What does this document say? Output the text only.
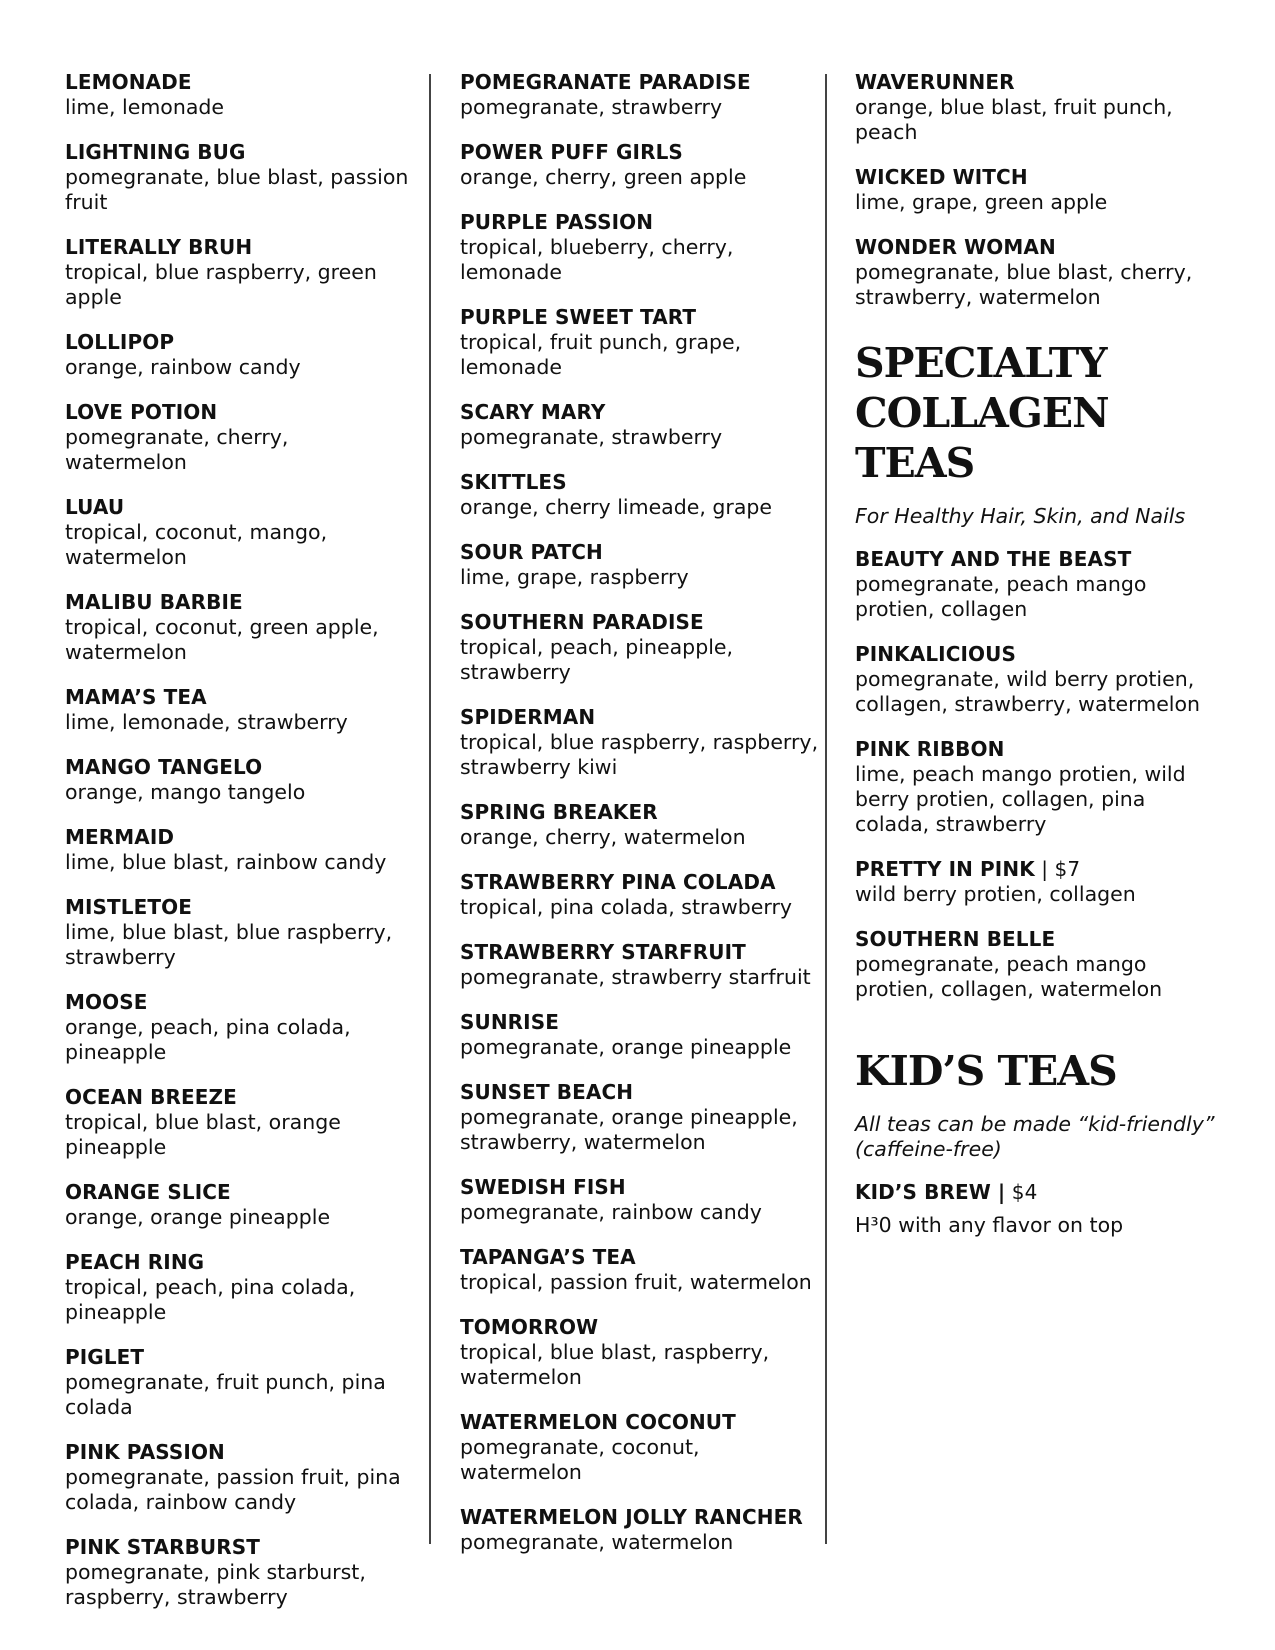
LEMONADE
lime, lemonade
LIGHTNING BUG
pomegranate, blue blast, passion fruit
LITERALLY BRUH
tropical, blue raspberry, green apple
LOLLIPOP
orange, rainbow candy
LOVE POTION
pomegranate, cherry, watermelon
LUAU
tropical, coconut, mango, watermelon
MALIBU BARBIE
tropical, coconut, green apple, watermelon
MAMA’S TEA
lime, lemonade, strawberry
MANGO TANGELO
orange, mango tangelo
MERMAID
lime, blue blast, rainbow candy
MISTLETOE
lime, blue blast, blue raspberry, strawberry
MOOSE
orange, peach, pina colada, pineapple
OCEAN BREEZE
tropical, blue blast, orange pineapple
ORANGE SLICE
orange, orange pineapple
PEACH RING
tropical, peach, pina colada, pineapple
PIGLET
pomegranate, fruit punch, pina colada
PINK PASSION
pomegranate, passion fruit, pina colada, rainbow candy
PINK STARBURST
pomegranate, pink starburst, raspberry, strawberry
POMEGRANATE PARADISE
pomegranate, strawberry
POWER PUFF GIRLS
orange, cherry, green apple
PURPLE PASSION
tropical, blueberry, cherry, lemonade
PURPLE SWEET TART
tropical, fruit punch, grape, lemonade
SCARY MARY
pomegranate, strawberry
SKITTLES
orange, cherry limeade, grape
SOUR PATCH
lime, grape, raspberry
SOUTHERN PARADISE
tropical, peach, pineapple, strawberry
SPIDERMAN
tropical, blue raspberry, raspberry, strawberry kiwi
SPRING BREAKER
orange, cherry, watermelon
STRAWBERRY PINA COLADA
tropical, pina colada, strawberry
STRAWBERRY STARFRUIT
pomegranate, strawberry starfruit
SUNRISE
pomegranate, orange pineapple
SUNSET BEACH
pomegranate, orange pineapple, strawberry, watermelon
SWEDISH FISH
pomegranate, rainbow candy
TAPANGA’S TEA
tropical, passion fruit, watermelon
TOMORROW
tropical, blue blast, raspberry, watermelon
WATERMELON COCONUT
pomegranate, coconut, watermelon
WATERMELON JOLLY RANCHER
pomegranate, watermelon
WAVERUNNER
orange, blue blast, fruit punch, peach
WICKED WITCH
lime, grape, green apple
WONDER WOMAN
pomegranate, blue blast, cherry, strawberry, watermelon
SPECIALTY
COLLAGEN TEAS
For Healthy Hair, Skin, and Nails
BEAUTY AND THE BEAST
pomegranate, peach mango protien, collagen
PINKALICIOUS
pomegranate, wild berry protien, collagen, strawberry, watermelon
PINK RIBBON
lime, peach mango protien, wild berry protien, collagen, pina colada, strawberry
PRETTY IN PINK | $7
wild berry protien, collagen
SOUTHERN BELLE
pomegranate, peach mango protien, collagen, watermelon
KID’S TEAS
All teas can be made “kid-friendly”
(caffeine-free)
KID’S BREW | $4
H³0 with any flavor on top
